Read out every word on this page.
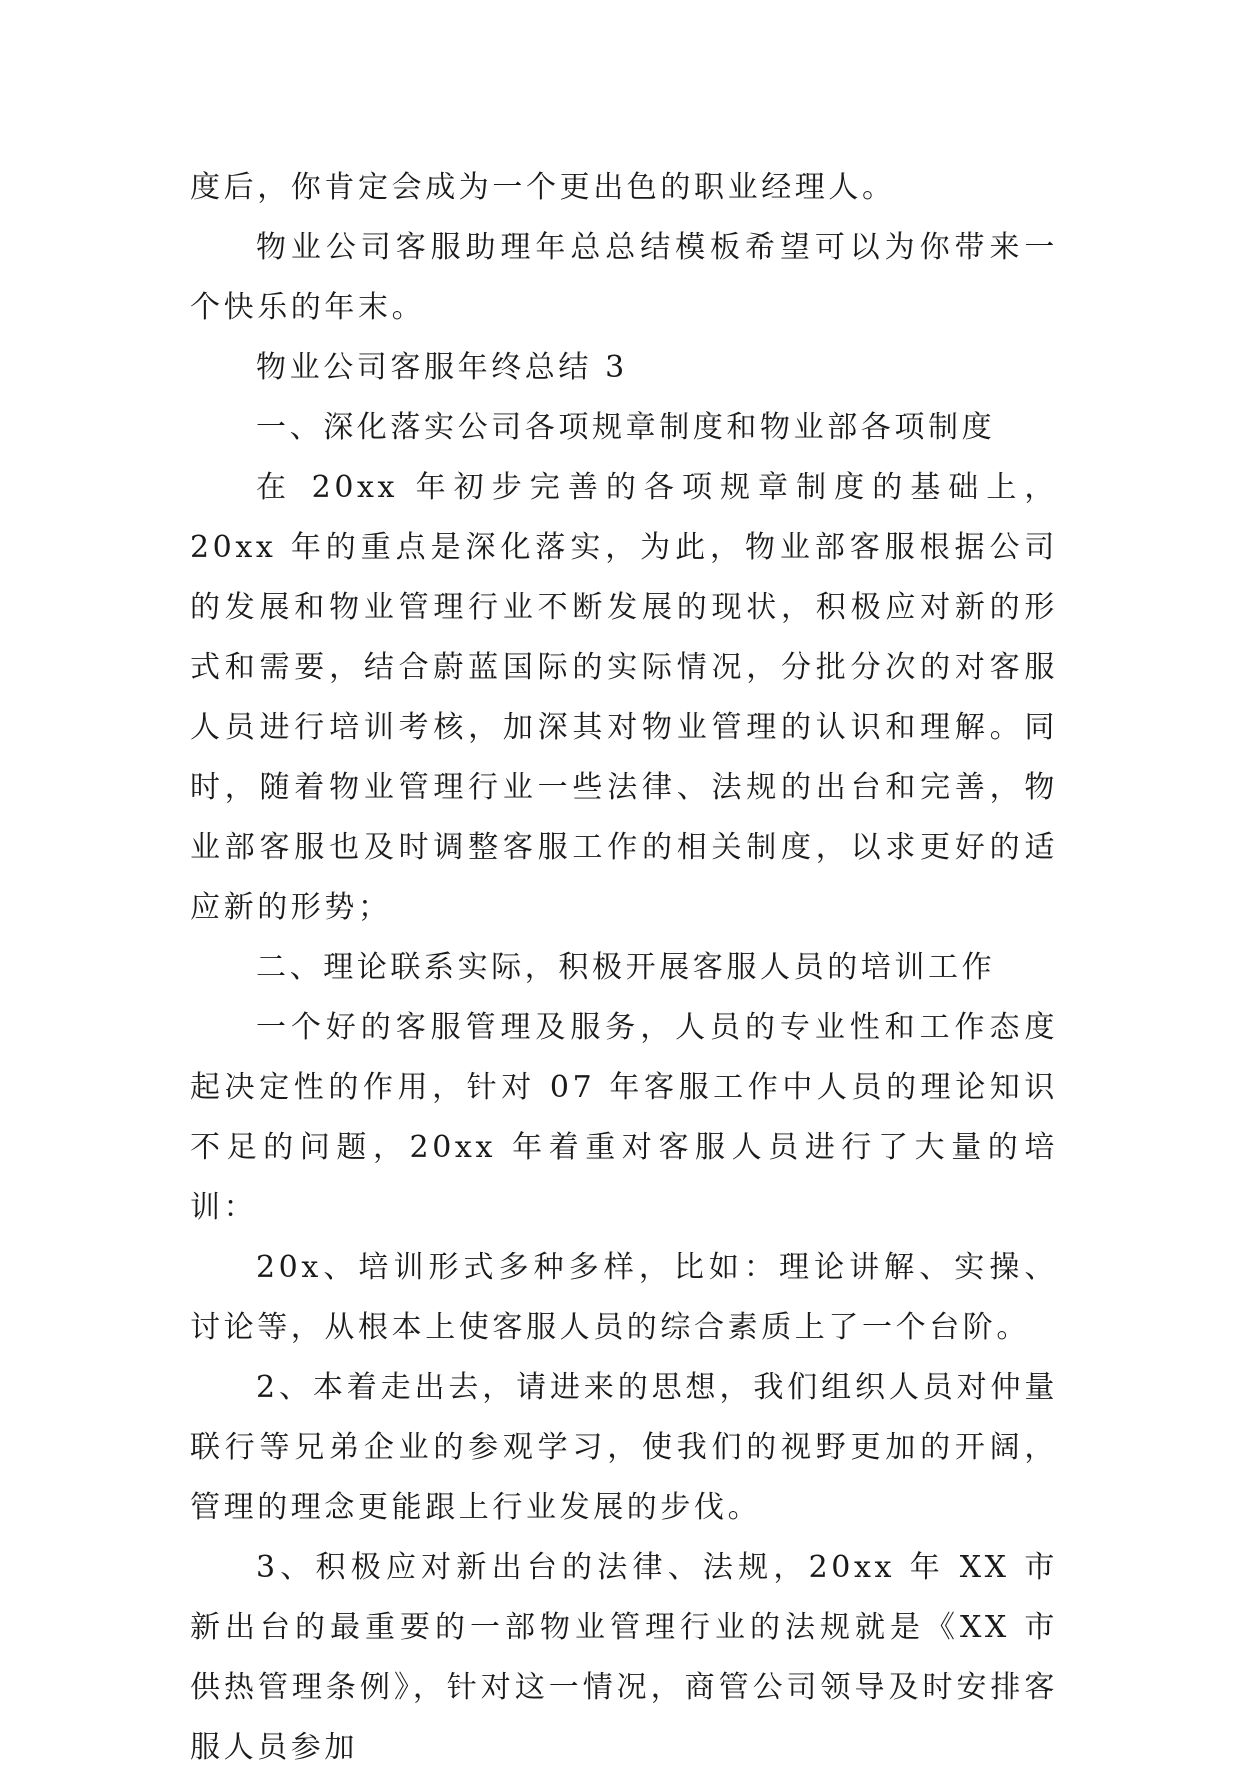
度后，你肯定会成为一个更出色的职业经理人。

物业公司客服助理年总总结模板希望可以为你带来一个快乐的年末。

物业公司客服年终总结 3

一、深化落实公司各项规章制度和物业部各项制度

在 20xx 年初步完善的各项规章制度的基础上，20xx 年的重点是深化落实，为此，物业部客服根据公司的发展和物业管理行业不断发展的现状，积极应对新的形式和需要，结合蔚蓝国际的实际情况，分批分次的对客服人员进行培训考核，加深其对物业管理的认识和理解。同时，随着物业管理行业一些法律、法规的出台和完善，物业部客服也及时调整客服工作的相关制度，以求更好的适应新的形势；

二、理论联系实际，积极开展客服人员的培训工作

一个好的客服管理及服务，人员的专业性和工作态度起决定性的作用，针对 07 年客服工作中人员的理论知识不足的问题，20xx 年着重对客服人员进行了大量的培训：

20x、培训形式多种多样，比如：理论讲解、实操、讨论等，从根本上使客服人员的综合素质上了一个台阶。

2、本着走出去，请进来的思想，我们组织人员对仲量联行等兄弟企业的参观学习，使我们的视野更加的开阔，管理的理念更能跟上行业发展的步伐。

3、积极应对新出台的法律、法规，20xx 年 XX 市新出台的最重要的一部物业管理行业的法规就是《XX 市供热管理条例》，针对这一情况，商管公司领导及时安排客服人员参加
